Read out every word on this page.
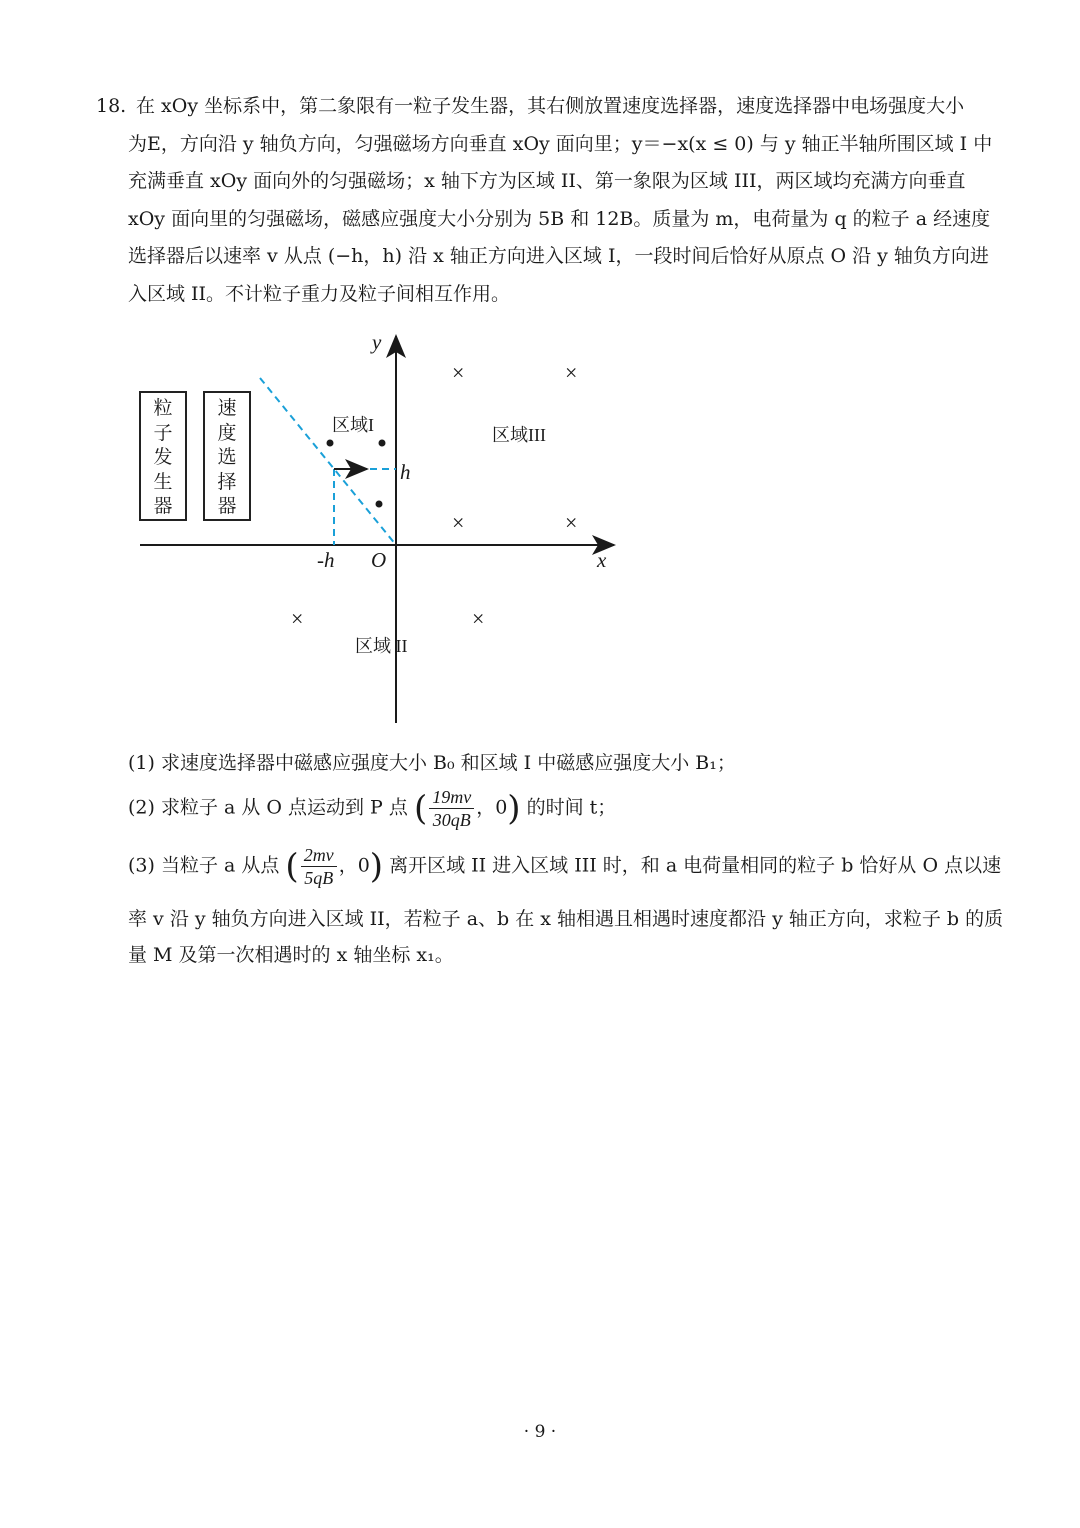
18. 在 xOy 坐标系中，第二象限有一粒子发生器，其右侧放置速度选择器，速度选择器中电场强度大小
为E，方向沿 y 轴负方向，匀强磁场方向垂直 xOy 面向里；y＝−x(x ≤ 0) 与 y 轴正半轴所围区域 I 中
充满垂直 xOy 面向外的匀强磁场；x 轴下方为区域 II、第一象限为区域 III，两区域均充满方向垂直
xOy 面向里的匀强磁场，磁感应强度大小分别为 5B 和 12B。质量为 m，电荷量为 q 的粒子 a 经速度
选择器后以速率 v 从点 (−h，h) 沿 x 轴正方向进入区域 I，一段时间后恰好从原点 O 沿 y 轴负方向进
入区域 II。不计粒子重力及粒子间相互作用。
粒
子
发
生
器
速
度
选
择
器
y
x
O
-h
h
区域I	区域III
区域 II
×	×
×	×
×	×
(1) 求速度选择器中磁感应强度大小 B₀ 和区域 I 中磁感应强度大小 B₁；
(2) 求粒子 a 从 O 点运动到 P 点 ( $\frac{19mv}{30qB}$ ，0) 的时间 t；
(3) 当粒子 a 从点 ( $\frac{2mv}{5qB}$ ，0) 离开区域 II 进入区域 III 时，和 a 电荷量相同的粒子 b 恰好从 O 点以速
率 v 沿 y 轴负方向进入区域 II，若粒子 a、b 在 x 轴相遇且相遇时速度都沿 y 轴正方向，求粒子 b 的质
量 M 及第一次相遇时的 x 轴坐标 x₁。
· 9 ·
